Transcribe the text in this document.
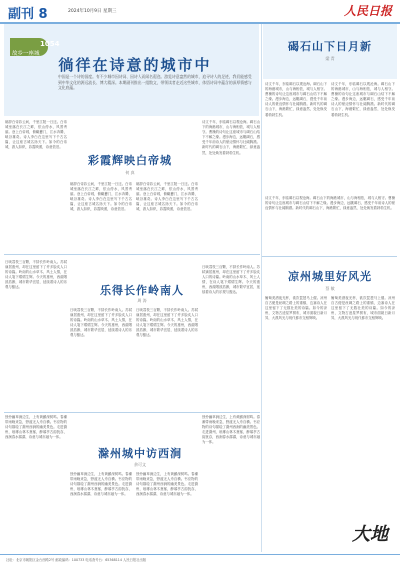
副刊 8	2024年10月9日 星期三	人民日报
1054
故乡一座城
徜徉在诗意的城市中
中国是一个诗的国度。有不少城市因诗词、因诗人而闻名遐迩。游览诗意盎然的城市，追寻诗人的足迹，我们能感受到中华文化的源远流长、博大精深。本期副刊推出一组散文，带领读者走近这些城市，体悟诗词中蕴含的深厚情感与文化底蕴。
碣石山下日月新
梁 青
诗文千年，东临碣石以观沧海。碣石山下的海港城市，山与海相依，城与人相守。曹操的诗句让这座城市与碣石山结下不解之缘。漫步海边，远眺碣石，感受千年前诗人的豪迈情怀与壮阔胸襟。新时代的碣石山下，海港繁忙，绿意盎然，处处焕发着勃勃生机。
诗文千年，东临碣石以观沧海。碣石山下的海港城市，山与海相依，城与人相守。曹操的诗句让这座城市与碣石山结下不解之缘。漫步海边，远眺碣石，感受千年前诗人的豪迈情怀与壮阔胸襟。新时代的碣石山下，海港繁忙，绿意盎然，处处焕发着勃勃生机。
诗文千年，东临碣石以观沧海。碣石山下的海港城市，山与海相依，城与人相守。曹操的诗句让这座城市与碣石山结下不解之缘。漫步海边，远眺碣石，感受千年前诗人的豪迈情怀与壮阔胸襟。新时代的碣石山下，海港繁忙，绿意盎然，处处焕发着勃勃生机。
彩霞辉映白帝城
何 真
朝辞白帝彩云间，千里江陵一日还。白帝城坐落在长江之畔，依山傍水，风景秀丽。登上白帝城，俯瞰夔门，江水奔腾，峡谷雄奇。诗人李白在这里写下千古名篇，让这座古城名扬天下。如今的白帝城，游人如织，彩霞映照，诗意依旧。
朝辞白帝彩云间，千里江陵一日还。白帝城坐落在长江之畔，依山傍水，风景秀丽。登上白帝城，俯瞰夔门，江水奔腾，峡谷雄奇。诗人李白在这里写下千古名篇，让这座古城名扬天下。如今的白帝城，游人如织，彩霞映照，诗意依旧。
朝辞白帝彩云间，千里江陵一日还。白帝城坐落在长江之畔，依山傍水，风景秀丽。登上白帝城，俯瞰夔门，江水奔腾，峡谷雄奇。诗人李白在这里写下千古名篇，让这座古城名扬天下。如今的白帝城，游人如织，彩霞映照，诗意依旧。
乐得长作岭南人
周 涛
日啖荔枝三百颗，不辞长作岭南人。苏轼谪居惠州，却在这里留下了许多脍炙人口的诗篇。岭南的山水草木、风土人情，在诗人笔下熠熠生辉。今天的惠州，西湖烟波浩渺，城市繁华宜居，延续着诗人的乐观与豁达。
日啖荔枝三百颗，不辞长作岭南人。苏轼谪居惠州，却在这里留下了许多脍炙人口的诗篇。岭南的山水草木、风土人情，在诗人笔下熠熠生辉。今天的惠州，西湖烟波浩渺，城市繁华宜居，延续着诗人的乐观与豁达。
日啖荔枝三百颗，不辞长作岭南人。苏轼谪居惠州，却在这里留下了许多脍炙人口的诗篇。岭南的山水草木、风土人情，在诗人笔下熠熠生辉。今天的惠州，西湖烟波浩渺，城市繁华宜居，延续着诗人的乐观与豁达。
日啖荔枝三百颗，不辞长作岭南人。苏轼谪居惠州，却在这里留下了许多脍炙人口的诗篇。岭南的山水草木、风土人情，在诗人笔下熠熠生辉。今天的惠州，西湖烟波浩渺，城市繁华宜居，延续着诗人的乐观与豁达。
滁州城中访西涧
余可文
独怜幽草涧边生，上有黄鹂深树鸣。春潮带雨晚来急，野渡无人舟自横。韦应物的诗句描绘了滁州西涧的幽美景色。走进滁州，琅琊山林木葱郁，醉翁亭古韵犹存，西涧春水潺潺，诗意与城市融为一体。
独怜幽草涧边生，上有黄鹂深树鸣。春潮带雨晚来急，野渡无人舟自横。韦应物的诗句描绘了滁州西涧的幽美景色。走进滁州，琅琊山林木葱郁，醉翁亭古韵犹存，西涧春水潺潺，诗意与城市融为一体。
独怜幽草涧边生，上有黄鹂深树鸣。春潮带雨晚来急，野渡无人舟自横。韦应物的诗句描绘了滁州西涧的幽美景色。走进滁州，琅琊山林木葱郁，醉翁亭古韵犹存，西涧春水潺潺，诗意与城市融为一体。
独怜幽草涧边生，上有黄鹂深树鸣。春潮带雨晚来急，野渡无人舟自横。韦应物的诗句描绘了滁州西涧的幽美景色。走进滁州，琅琊山林木葱郁，醉翁亭古韵犹存，西涧春水潺潺，诗意与城市融为一体。
凉州城里好风光
蔡 敏
葡萄美酒夜光杯，欲饮琵琶马上催。凉州自古便是丝绸之路上的重镇，边塞诗人在这里留下了无数壮美的诗篇。如今的凉州，文物古迹星罗棋布，城市面貌日新月异，大漠风光与现代都市交相辉映。
葡萄美酒夜光杯，欲饮琵琶马上催。凉州自古便是丝绸之路上的重镇，边塞诗人在这里留下了无数壮美的诗篇。如今的凉州，文物古迹星罗棋布，城市面貌日新月异，大漠风光与现代都市交相辉映。
诗文千年，东临碣石以观沧海。碣石山下的海港城市，山与海相依，城与人相守。曹操的诗句让这座城市与碣石山结下不解之缘。漫步海边，远眺碣石，感受千年前诗人的豪迈情怀与壮阔胸襟。新时代的碣石山下，海港繁忙，绿意盎然，处处焕发着勃勃生机。
大地
社址：北京市朝阳区金台西路2号 邮政编码：100733 电话查号台：65368114 人民日报社出版
